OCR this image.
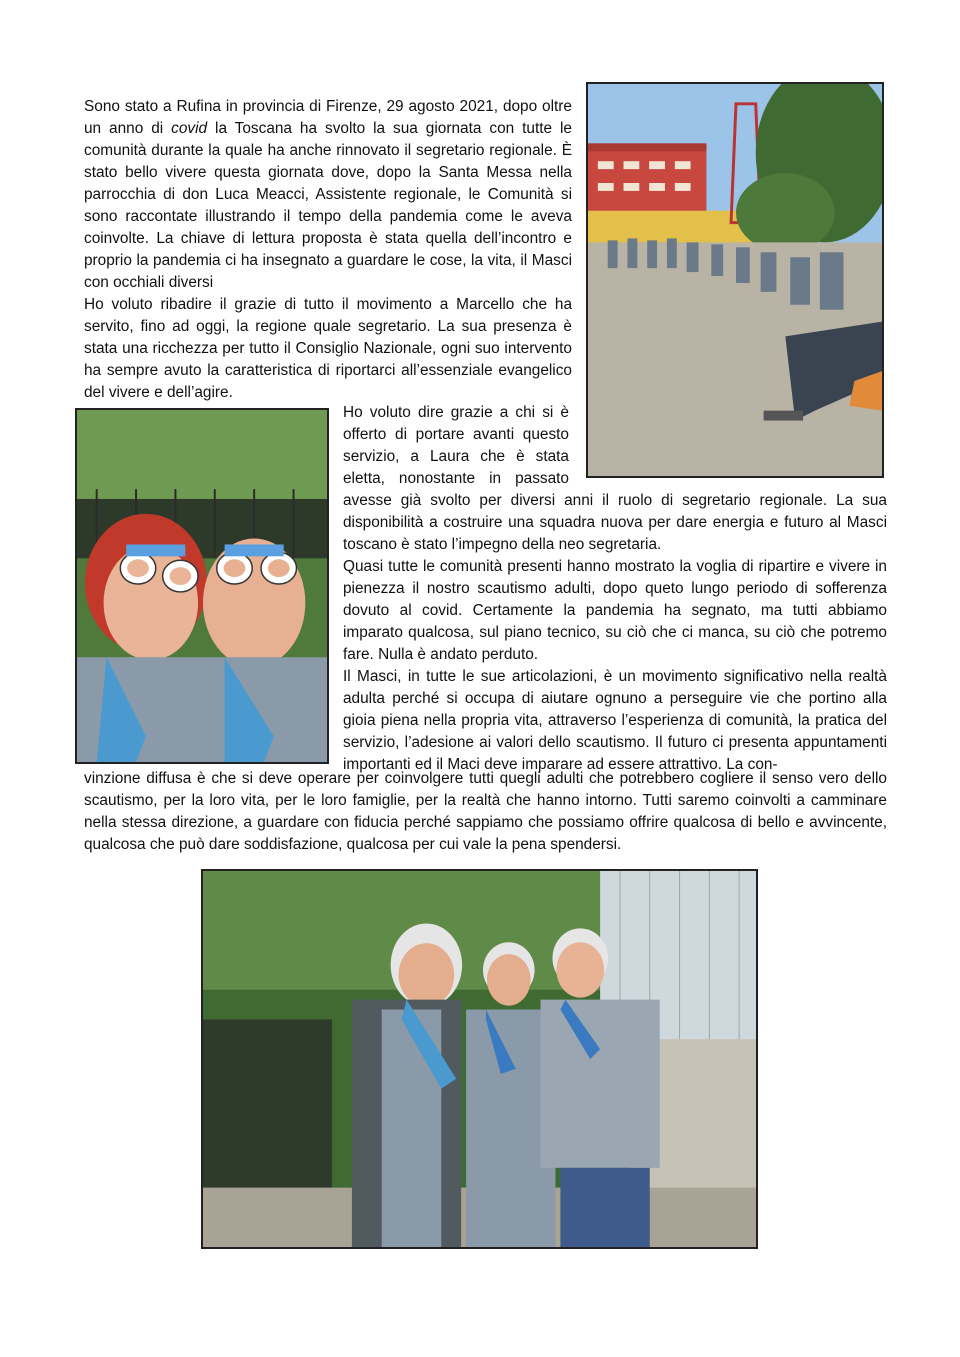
Sono stato a Rufina in provincia di Firenze, 29 agosto 2021, dopo oltre un anno di covid la Toscana ha svolto la sua giornata con tutte le comunità durante la quale ha anche rinnovato il segretario regionale. È stato bello vivere questa giornata dove, dopo la Santa Messa nella parrocchia di don Luca Meacci, Assistente regionale, le Comunità si sono raccontate illustrando il tempo della pandemia come le aveva coinvolte. La chiave di lettura proposta è stata quella dell’incontro e proprio la pandemia ci ha insegnato a guardare le cose, la vita, il Masci con occhiali diversi

Ho voluto ribadire il grazie di tutto il movimento a Marcello che ha servito, fino ad oggi, la regione quale segretario. La sua presenza è stata una ricchezza per tutto il Consiglio Nazionale, ogni suo intervento ha sempre avuto la caratteristica di riportarci all’essenziale evangelico del vivere e dell’agire.

Ho voluto dire grazie a chi si è offerto di portare avanti questo servizio, a Laura che è stata eletta, nonostante in passato avesse già svolto per diversi anni il ruolo di segretario regionale. La sua disponibilità a costruire una squadra nuova per dare energia e futuro al Masci toscano è stato l’impegno della neo segretaria.

Quasi tutte le comunità presenti hanno mostrato la voglia di ripartire e vivere in pienezza il nostro scautismo adulti, dopo queto lungo periodo di sofferenza dovuto al covid. Certamente la pandemia ha segnato, ma tutti abbiamo imparato qualcosa, sul piano tecnico, su ciò che ci manca, su ciò che potremo fare. Nulla è andato perduto.

Il Masci, in tutte le sue articolazioni, è un movimento significativo nella realtà adulta perché si occupa di aiutare ognuno a perseguire vie che portino alla gioia piena nella propria vita, attraverso l’esperienza di comunità, la pratica del servizio, l’adesione ai valori dello scautismo. Il futuro ci presenta appuntamenti importanti ed il Maci deve imparare ad essere attrattivo. La con-

vinzione diffusa è che si deve operare per coinvolgere tutti quegli adulti che potrebbero cogliere il senso vero dello scautismo, per la loro vita, per le loro famiglie, per la realtà che hanno intorno. Tutti saremo coinvolti a camminare nella stessa direzione, a guardare con fiducia perché sappiamo che possiamo offrire qualcosa di bello e avvincente, qualcosa che può dare soddisfazione, qualcosa per cui vale la pena spendersi.
